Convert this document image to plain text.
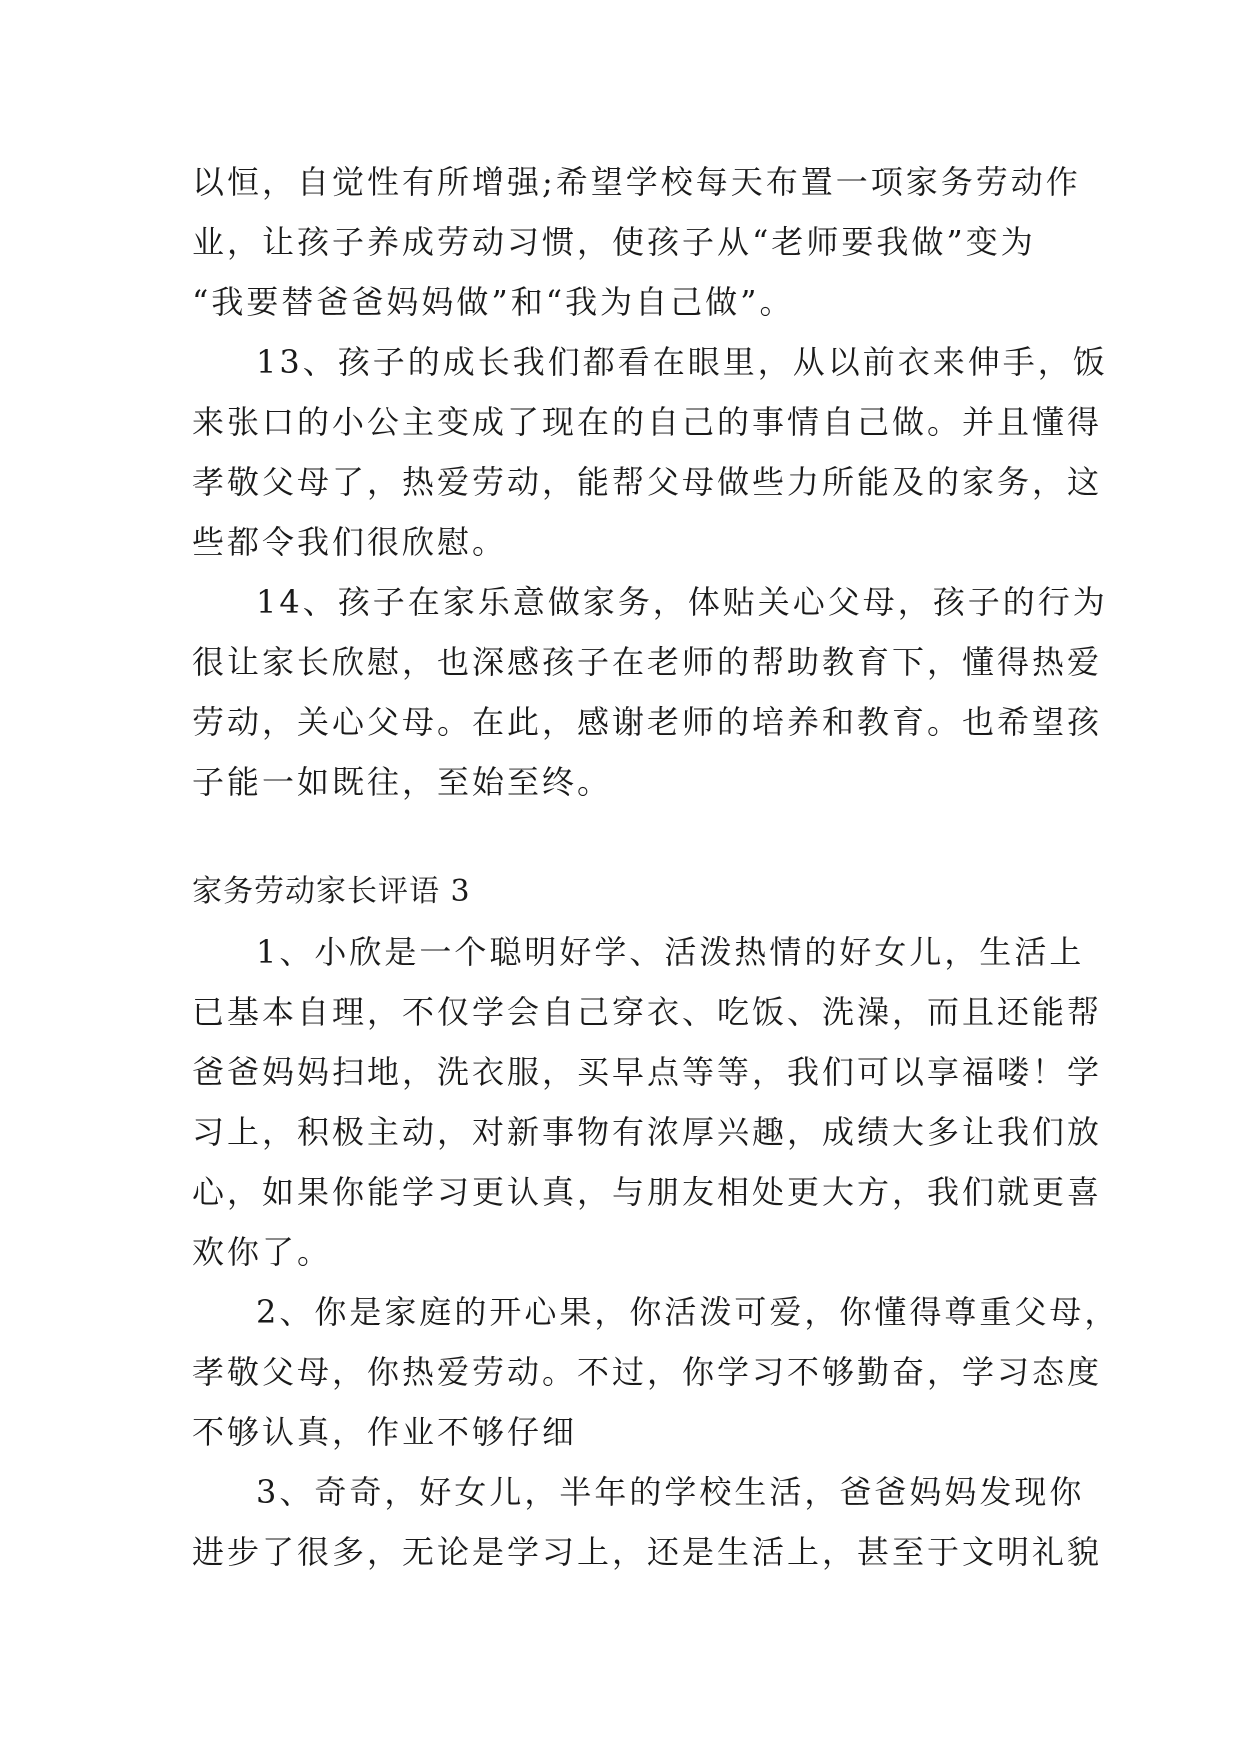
以恒，自觉性有所增强;希望学校每天布置一项家务劳动作
业，让孩子养成劳动习惯，使孩子从“老师要我做”变为
“我要替爸爸妈妈做”和“我为自己做”。
13、孩子的成长我们都看在眼里，从以前衣来伸手，饭
来张口的小公主变成了现在的自己的事情自己做。并且懂得
孝敬父母了，热爱劳动，能帮父母做些力所能及的家务，这
些都令我们很欣慰。
14、孩子在家乐意做家务，体贴关心父母，孩子的行为
很让家长欣慰，也深感孩子在老师的帮助教育下，懂得热爱
劳动，关心父母。在此，感谢老师的培养和教育。也希望孩
子能一如既往，至始至终。
家务劳动家长评语 3
1、小欣是一个聪明好学、活泼热情的好女儿，生活上
已基本自理，不仅学会自己穿衣、吃饭、洗澡，而且还能帮
爸爸妈妈扫地，洗衣服，买早点等等，我们可以享福喽！学
习上，积极主动，对新事物有浓厚兴趣，成绩大多让我们放
心，如果你能学习更认真，与朋友相处更大方，我们就更喜
欢你了。
2、你是家庭的开心果，你活泼可爱，你懂得尊重父母，
孝敬父母，你热爱劳动。不过，你学习不够勤奋，学习态度
不够认真，作业不够仔细
3、奇奇，好女儿，半年的学校生活，爸爸妈妈发现你
进步了很多，无论是学习上，还是生活上，甚至于文明礼貌
